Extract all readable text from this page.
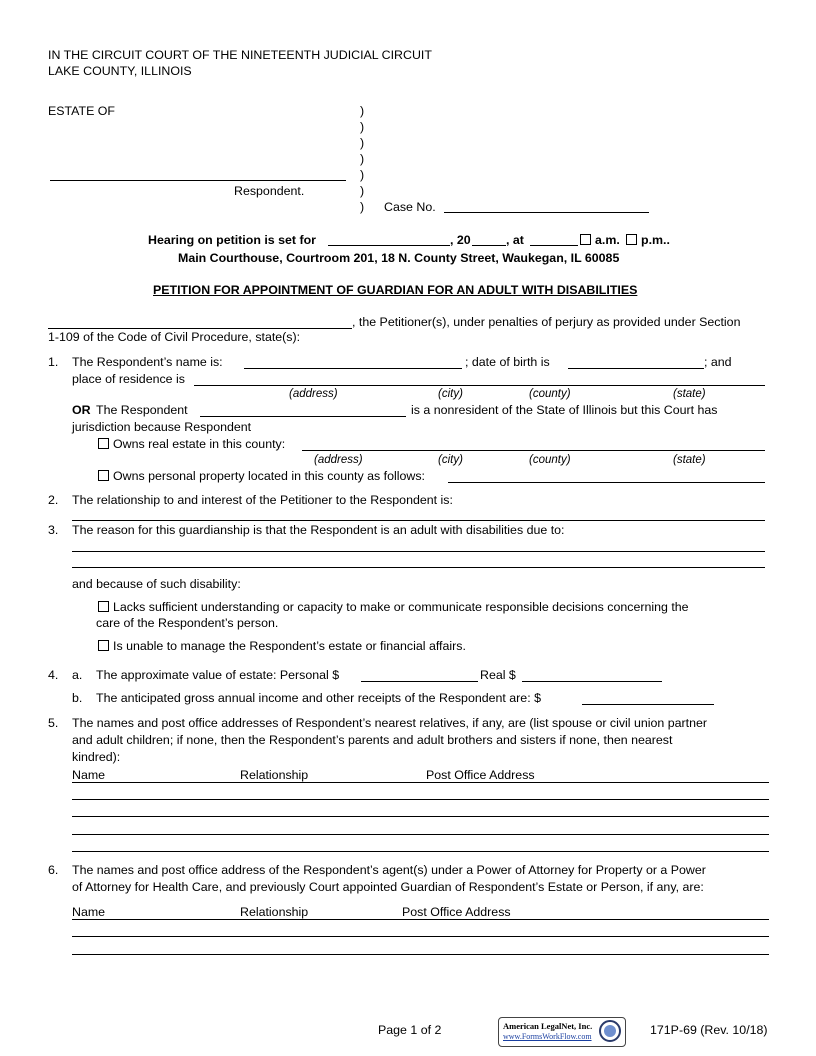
IN THE CIRCUIT COURT OF THE NINETEENTH JUDICIAL CIRCUIT
LAKE COUNTY, ILLINOIS
ESTATE OF
Respondent.
)
)
)
)
)
)
) Case No.
Hearing on petition is set for	, 20	, at	a.m.	p.m..
Main Courthouse, Courtroom 201, 18 N. County Street, Waukegan, IL 60085
PETITION FOR APPOINTMENT OF GUARDIAN FOR AN ADULT WITH DISABILITIES
, the Petitioner(s), under penalties of perjury as provided under Section
1-109 of the Code of Civil Procedure, state(s):
1. The Respondent’s name is:	; date of birth is	; and
place of residence is
(address)	(city)	(county)	(state)
OR The Respondent	is a nonresident of the State of Illinois but this Court has
jurisdiction because Respondent
Owns real estate in this county:
(address)	(city)	(county)	(state)
Owns personal property located in this county as follows:
2. The relationship to and interest of the Petitioner to the Respondent is:
3. The reason for this guardianship is that the Respondent is an adult with disabilities due to:
and because of such disability:
Lacks sufficient understanding or capacity to make or communicate responsible decisions concerning the
care of the Respondent’s person.
Is unable to manage the Respondent’s estate or financial affairs.
4. a. The approximate value of estate: Personal $	Real $
b. The anticipated gross annual income and other receipts of the Respondent are: $
5. The names and post office addresses of Respondent’s nearest relatives, if any, are (list spouse or civil union partner
and adult children; if none, then the Respondent’s parents and adult brothers and sisters if none, then nearest
kindred):
Name	Relationship	Post Office Address
6. The names and post office address of the Respondent’s agent(s) under a Power of Attorney for Property or a Power
of Attorney for Health Care, and previously Court appointed Guardian of Respondent’s Estate or Person, if any, are:
Name	Relationship	Post Office Address
Page 1 of 2	American LegalNet, Inc.
www.FormsWorkFlow.com	171P-69 (Rev. 10/18)
